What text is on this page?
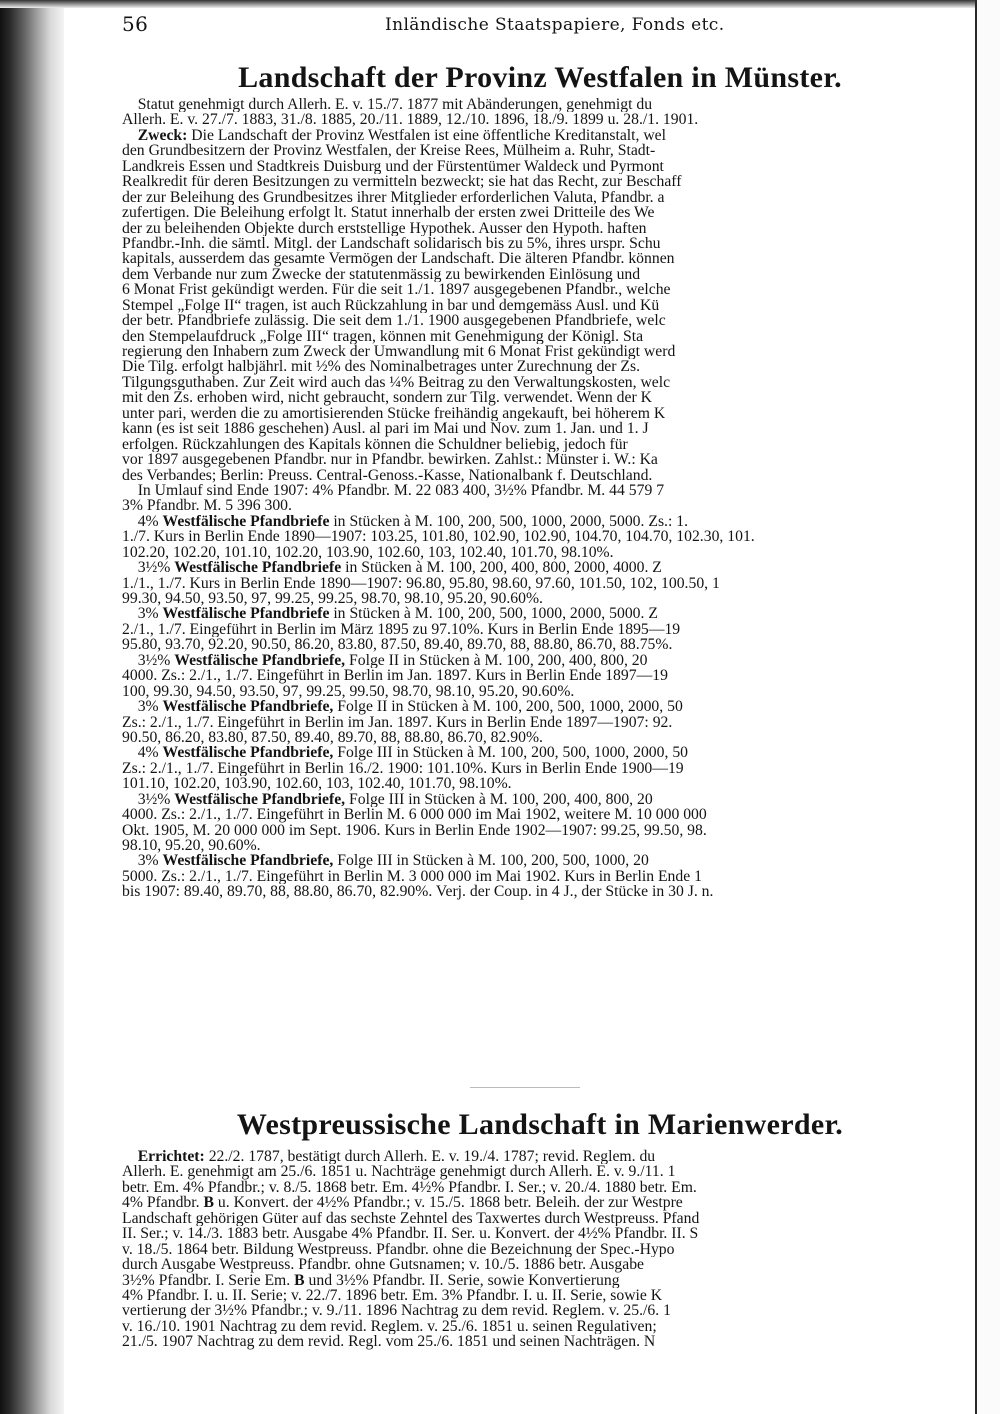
56	Inländische Staatspapiere, Fonds etc.
Landschaft der Provinz Westfalen in Münster.
Statut genehmigt durch Allerh. E. v. 15./7. 1877 mit Abänderungen, genehmigt du
Allerh. E. v. 27./7. 1883, 31./8. 1885, 20./11. 1889, 12./10. 1896, 18./9. 1899 u. 28./1. 1901.
Zweck: Die Landschaft der Provinz Westfalen ist eine öffentliche Kreditanstalt, wel
den Grundbesitzern der Provinz Westfalen, der Kreise Rees, Mülheim a. Ruhr, Stadt-
Landkreis Essen und Stadtkreis Duisburg und der Fürstentümer Waldeck und Pyrmont
Realkredit für deren Besitzungen zu vermitteln bezweckt; sie hat das Recht, zur Beschaff
der zur Beleihung des Grundbesitzes ihrer Mitglieder erforderlichen Valuta, Pfandbr. a
zufertigen. Die Beleihung erfolgt lt. Statut innerhalb der ersten zwei Dritteile des We
der zu beleihenden Objekte durch erststellige Hypothek. Ausser den Hypoth. haften
Pfandbr.-Inh. die sämtl. Mitgl. der Landschaft solidarisch bis zu 5%, ihres urspr. Schu
kapitals, ausserdem das gesamte Vermögen der Landschaft. Die älteren Pfandbr. können
dem Verbande nur zum Zwecke der statutenmässig zu bewirkenden Einlösung und
6 Monat Frist gekündigt werden. Für die seit 1./1. 1897 ausgegebenen Pfandbr., welche
Stempel „Folge II“ tragen, ist auch Rückzahlung in bar und demgemäss Ausl. und Kü
der betr. Pfandbriefe zulässig. Die seit dem 1./1. 1900 ausgegebenen Pfandbriefe, welc
den Stempelaufdruck „Folge III“ tragen, können mit Genehmigung der Königl. Sta
regierung den Inhabern zum Zweck der Umwandlung mit 6 Monat Frist gekündigt werd
Die Tilg. erfolgt halbjährl. mit ½% des Nominalbetrages unter Zurechnung der Zs.
Tilgungsguthaben. Zur Zeit wird auch das ¼% Beitrag zu den Verwaltungskosten, welc
mit den Zs. erhoben wird, nicht gebraucht, sondern zur Tilg. verwendet. Wenn der K
unter pari, werden die zu amortisierenden Stücke freihändig angekauft, bei höherem K
kann (es ist seit 1886 geschehen) Ausl. al pari im Mai und Nov. zum 1. Jan. und 1. J
erfolgen. Rückzahlungen des Kapitals können die Schuldner beliebig, jedoch für
vor 1897 ausgegebenen Pfandbr. nur in Pfandbr. bewirken. Zahlst.: Münster i. W.: Ka
des Verbandes; Berlin: Preuss. Central-Genoss.-Kasse, Nationalbank f. Deutschland.
In Umlauf sind Ende 1907: 4% Pfandbr. M. 22 083 400, 3½% Pfandbr. M. 44 579 7
3% Pfandbr. M. 5 396 300.
4% Westfälische Pfandbriefe in Stücken à M. 100, 200, 500, 1000, 2000, 5000. Zs.: 1.
1./7. Kurs in Berlin Ende 1890—1907: 103.25, 101.80, 102.90, 102.90, 104.70, 104.70, 102.30, 101.
102.20, 102.20, 101.10, 102.20, 103.90, 102.60, 103, 102.40, 101.70, 98.10%.
3½% Westfälische Pfandbriefe in Stücken à M. 100, 200, 400, 800, 2000, 4000. Z
1./1., 1./7. Kurs in Berlin Ende 1890—1907: 96.80, 95.80, 98.60, 97.60, 101.50, 102, 100.50, 1
99.30, 94.50, 93.50, 97, 99.25, 99.25, 98.70, 98.10, 95.20, 90.60%.
3% Westfälische Pfandbriefe in Stücken à M. 100, 200, 500, 1000, 2000, 5000. Z
2./1., 1./7. Eingeführt in Berlin im März 1895 zu 97.10%. Kurs in Berlin Ende 1895—19
95.80, 93.70, 92.20, 90.50, 86.20, 83.80, 87.50, 89.40, 89.70, 88, 88.80, 86.70, 88.75%.
3½% Westfälische Pfandbriefe, Folge II in Stücken à M. 100, 200, 400, 800, 20
4000. Zs.: 2./1., 1./7. Eingeführt in Berlin im Jan. 1897. Kurs in Berlin Ende 1897—19
100, 99.30, 94.50, 93.50, 97, 99.25, 99.50, 98.70, 98.10, 95.20, 90.60%.
3% Westfälische Pfandbriefe, Folge II in Stücken à M. 100, 200, 500, 1000, 2000, 50
Zs.: 2./1., 1./7. Eingeführt in Berlin im Jan. 1897. Kurs in Berlin Ende 1897—1907: 92.
90.50, 86.20, 83.80, 87.50, 89.40, 89.70, 88, 88.80, 86.70, 82.90%.
4% Westfälische Pfandbriefe, Folge III in Stücken à M. 100, 200, 500, 1000, 2000, 50
Zs.: 2./1., 1./7. Eingeführt in Berlin 16./2. 1900: 101.10%. Kurs in Berlin Ende 1900—19
101.10, 102.20, 103.90, 102.60, 103, 102.40, 101.70, 98.10%.
3½% Westfälische Pfandbriefe, Folge III in Stücken à M. 100, 200, 400, 800, 20
4000. Zs.: 2./1., 1./7. Eingeführt in Berlin M. 6 000 000 im Mai 1902, weitere M. 10 000 000
Okt. 1905, M. 20 000 000 im Sept. 1906. Kurs in Berlin Ende 1902—1907: 99.25, 99.50, 98.
98.10, 95.20, 90.60%.
3% Westfälische Pfandbriefe, Folge III in Stücken à M. 100, 200, 500, 1000, 20
5000. Zs.: 2./1., 1./7. Eingeführt in Berlin M. 3 000 000 im Mai 1902. Kurs in Berlin Ende 1
bis 1907: 89.40, 89.70, 88, 88.80, 86.70, 82.90%. Verj. der Coup. in 4 J., der Stücke in 30 J. n.
Westpreussische Landschaft in Marienwerder.
Errichtet: 22./2. 1787, bestätigt durch Allerh. E. v. 19./4. 1787; revid. Reglem. du
Allerh. E. genehmigt am 25./6. 1851 u. Nachträge genehmigt durch Allerh. E. v. 9./11. 1
betr. Em. 4% Pfandbr.; v. 8./5. 1868 betr. Em. 4½% Pfandbr. I. Ser.; v. 20./4. 1880 betr. Em.
4% Pfandbr. B u. Konvert. der 4½% Pfandbr.; v. 15./5. 1868 betr. Beleih. der zur Westpre
Landschaft gehörigen Güter auf das sechste Zehntel des Taxwertes durch Westpreuss. Pfand
II. Ser.; v. 14./3. 1883 betr. Ausgabe 4% Pfandbr. II. Ser. u. Konvert. der 4½% Pfandbr. II. S
v. 18./5. 1864 betr. Bildung Westpreuss. Pfandbr. ohne die Bezeichnung der Spec.-Hypo
durch Ausgabe Westpreuss. Pfandbr. ohne Gutsnamen; v. 10./5. 1886 betr. Ausgabe
3½% Pfandbr. I. Serie Em. B und 3½% Pfandbr. II. Serie, sowie Konvertierung
4% Pfandbr. I. u. II. Serie; v. 22./7. 1896 betr. Em. 3% Pfandbr. I. u. II. Serie, sowie K
vertierung der 3½% Pfandbr.; v. 9./11. 1896 Nachtrag zu dem revid. Reglem. v. 25./6. 1
v. 16./10. 1901 Nachtrag zu dem revid. Reglem. v. 25./6. 1851 u. seinen Regulativen;
21./5. 1907 Nachtrag zu dem revid. Regl. vom 25./6. 1851 und seinen Nachträgen. N
